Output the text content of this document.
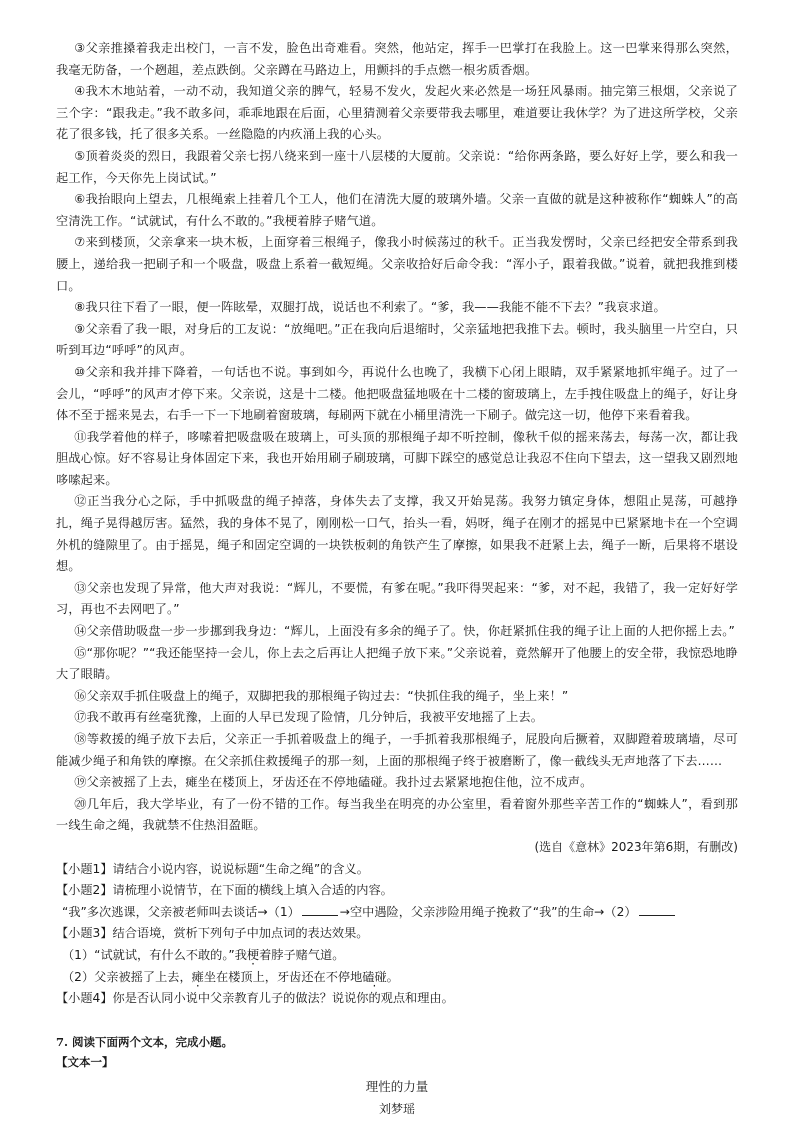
③父亲推搡着我走出校门，一言不发，脸色出奇难看。突然，他站定，挥手一巴掌打在我脸上。这一巴掌来得那么突然，我毫无防备，一个趔趄，差点跌倒。父亲蹲在马路边上，用颤抖的手点燃一根劣质香烟。

④我木木地站着，一动不动，我知道父亲的脾气，轻易不发火，发起火来必然是一场狂风暴雨。抽完第三根烟，父亲说了三个字：“跟我走。”我不敢多问，乖乖地跟在后面，心里猜测着父亲要带我去哪里，难道要让我休学？为了进这所学校，父亲花了很多钱，托了很多关系。一丝隐隐的内疚涌上我的心头。

⑤顶着炎炎的烈日，我跟着父亲七拐八绕来到一座十八层楼的大厦前。父亲说：“给你两条路，要么好好上学，要么和我一起工作，今天你先上岗试试。”

⑥我抬眼向上望去，几根绳索上挂着几个工人，他们在清洗大厦的玻璃外墙。父亲一直做的就是这种被称作“蜘蛛人”的高空清洗工作。“试就试，有什么不敢的。”我梗着脖子赌气道。

⑦来到楼顶，父亲拿来一块木板，上面穿着三根绳子，像我小时候荡过的秋千。正当我发愣时，父亲已经把安全带系到我腰上，递给我一把刷子和一个吸盘，吸盘上系着一截短绳。父亲收拾好后命令我：“浑小子，跟着我做。”说着，就把我推到楼口。

⑧我只往下看了一眼，便一阵眩晕，双腿打战，说话也不利索了。“爹，我——我能不能不下去？”我哀求道。

⑨父亲看了我一眼，对身后的工友说：“放绳吧。”正在我向后退缩时，父亲猛地把我推下去。顿时，我头脑里一片空白，只听到耳边“呼呼”的风声。

⑩父亲和我并排下降着，一句话也不说。事到如今，再说什么也晚了，我横下心闭上眼睛，双手紧紧地抓牢绳子。过了一会儿，“呼呼”的风声才停下来。父亲说，这是十二楼。他把吸盘猛地吸在十二楼的窗玻璃上，左手拽住吸盘上的绳子，好让身体不至于摇来晃去，右手一下一下地刷着窗玻璃，每刷两下就在小桶里清洗一下刷子。做完这一切，他停下来看着我。

⑪我学着他的样子，哆嗦着把吸盘吸在玻璃上，可头顶的那根绳子却不听控制，像秋千似的摇来荡去，每荡一次，都让我胆战心惊。好不容易让身体固定下来，我也开始用刷子刷玻璃，可脚下踩空的感觉总让我忍不住向下望去，这一望我又剧烈地哆嗦起来。

⑫正当我分心之际，手中抓吸盘的绳子掉落，身体失去了支撑，我又开始晃荡。我努力镇定身体，想阻止晃荡，可越挣扎，绳子晃得越厉害。猛然，我的身体不晃了，刚刚松一口气，抬头一看，妈呀，绳子在刚才的摇晃中已紧紧地卡在一个空调外机的缝隙里了。由于摇晃，绳子和固定空调的一块铁板刺的角铁产生了摩擦，如果我不赶紧上去，绳子一断，后果将不堪设想。

⑬父亲也发现了异常，他大声对我说：“辉儿，不要慌，有爹在呢。”我吓得哭起来：“爹，对不起，我错了，我一定好好学习，再也不去网吧了。”

⑭父亲借助吸盘一步一步挪到我身边：“辉儿，上面没有多余的绳子了。快，你赶紧抓住我的绳子让上面的人把你摇上去。”

⑮“那你呢？”“我还能坚持一会儿，你上去之后再让人把绳子放下来。”父亲说着，竟然解开了他腰上的安全带，我惊恐地睁大了眼睛。

⑯父亲双手抓住吸盘上的绳子，双脚把我的那根绳子钩过去：“快抓住我的绳子，坐上来！”

⑰我不敢再有丝毫犹豫，上面的人早已发现了险情，几分钟后，我被平安地摇了上去。

⑱等救援的绳子放下去后，父亲正一手抓着吸盘上的绳子，一手抓着我那根绳子，屁股向后撅着，双脚蹬着玻璃墙，尽可能减少绳子和角铁的摩擦。在父亲抓住救援绳子的那一刻，上面的那根绳子终于被磨断了，像一截线头无声地落了下去……

⑲父亲被摇了上去，瘫坐在楼顶上，牙齿还在不停地磕碰。我扑过去紧紧地抱住他，泣不成声。

⑳几年后，我大学毕业，有了一份不错的工作。每当我坐在明亮的办公室里，看着窗外那些辛苦工作的“蜘蛛人”，看到那一线生命之绳，我就禁不住热泪盈眶。

(选自《意林》2023年第6期，有删改)

【小题1】请结合小说内容，说说标题“生命之绳”的含义。

【小题2】请梳理小说情节，在下面的横线上填入合适的内容。

“我”多次逃课，父亲被老师叫去谈话→（1）	→空中遇险，父亲涉险用绳子挽救了“我”的生命→（2）

【小题3】结合语境，赏析下列句子中加点词的表达效果。

（1）“试就试，有什么不敢的。”我梗着脖子赌气道。

（2）父亲被摇了上去，瘫坐在楼顶上，牙齿还在不停地磕碰。

【小题4】你是否认同小说中父亲教育儿子的做法？说说你的观点和理由。

7. 阅读下面两个文本，完成小题。

【文本一】

理性的力量

刘梦瑶
